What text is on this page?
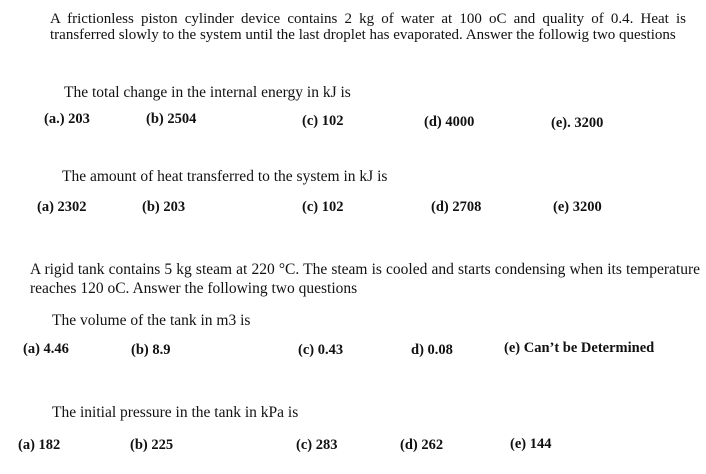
A frictionless piston cylinder device contains 2 kg of water at 100 oC and quality of 0.4. Heat is transferred slowly to the system until the last droplet has evaporated. Answer the followig two questions
The total change in the internal energy in kJ is
(a.) 203	(b) 2504	(c) 102	(d) 4000	(e). 3200
The amount of heat transferred to the system in kJ is
(a) 2302	(b) 203	(c) 102	(d) 2708	(e) 3200
A rigid tank contains 5 kg steam at 220 °C. The steam is cooled and starts condensing when its temperature reaches 120 oC. Answer the following two questions
The volume of the tank in m3 is
(a) 4.46	(b) 8.9	(c) 0.43	d) 0.08	(e) Can’t be Determined
The initial pressure in the tank in kPa is
(a) 182	(b) 225	(c) 283	(d) 262	(e) 144
